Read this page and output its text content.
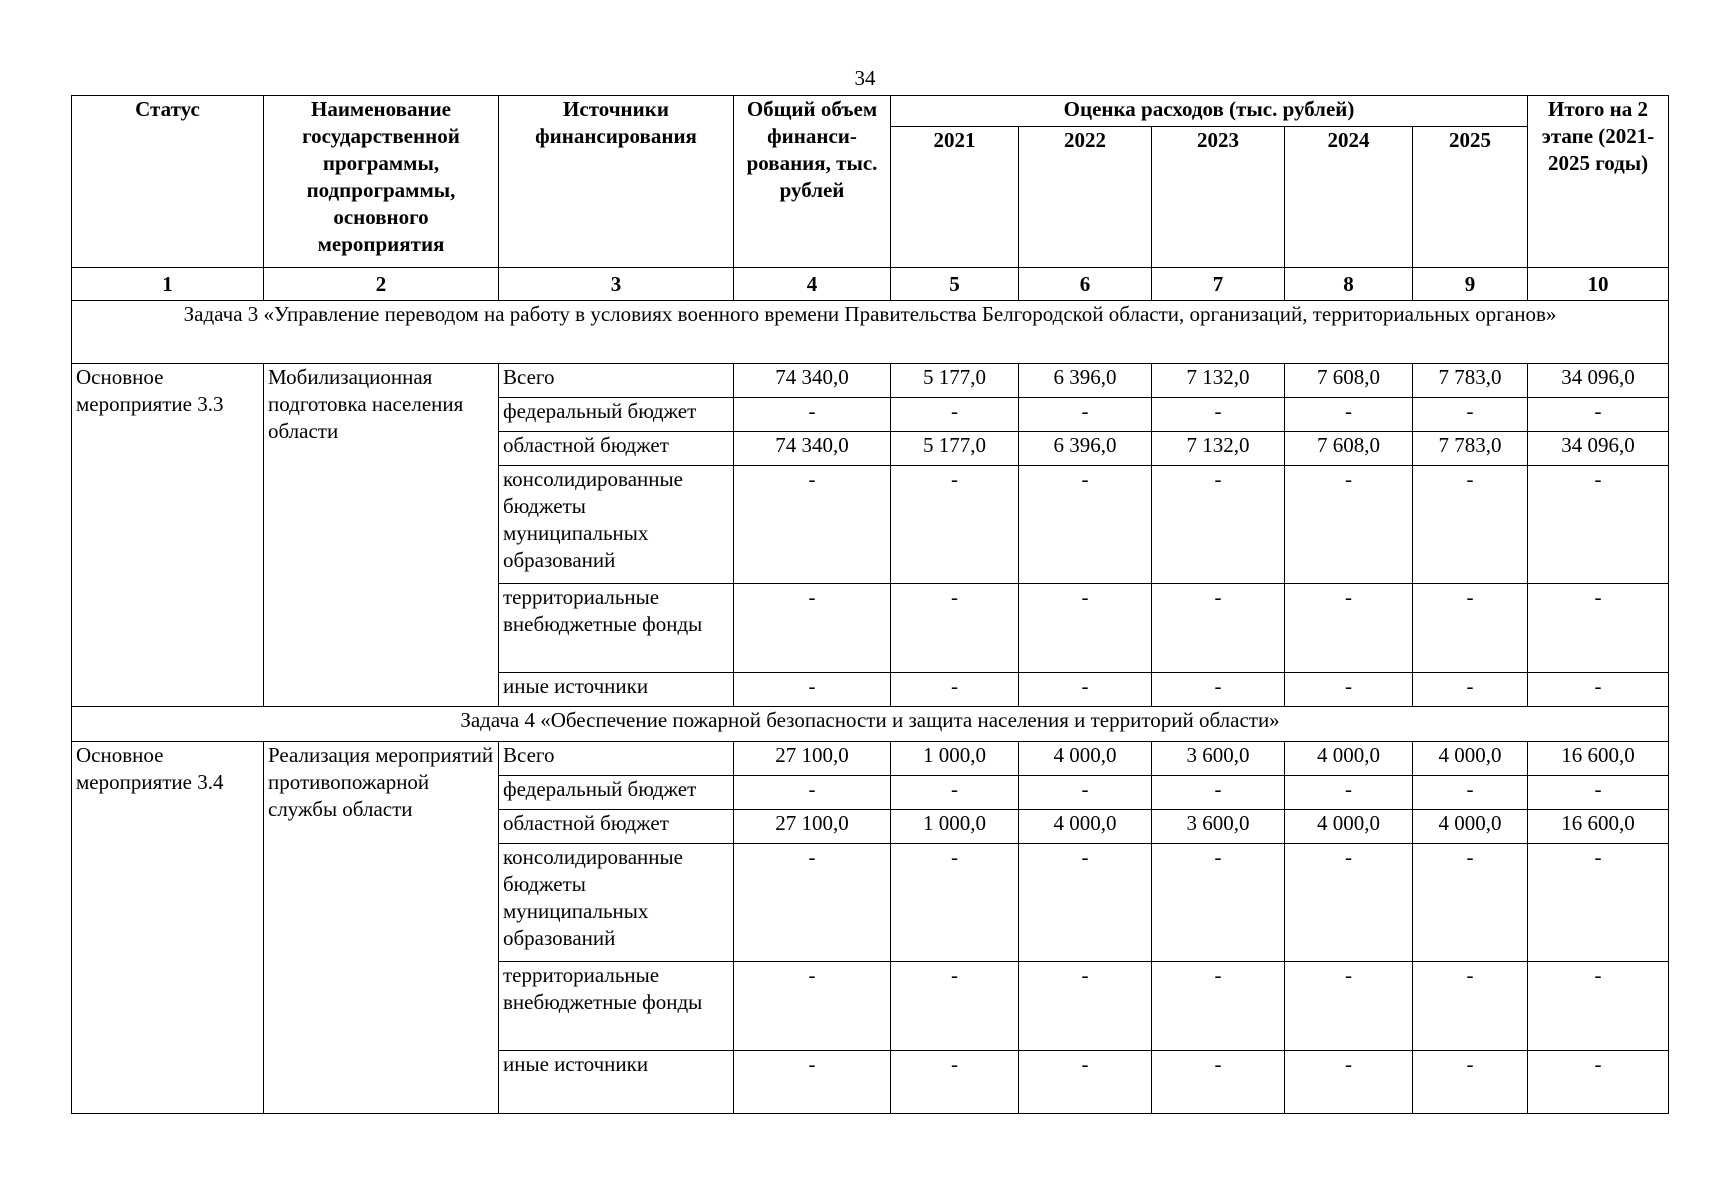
34
Статус	Наименование государственной программы, подпрограммы, основного мероприятия	Источники финансирования	Общий объем финанси-рования, тыс. рублей	Оценка расходов (тыс. рублей)					Итого на 2 этапе (2021-2025 годы)
				2021	2022	2023	2024	2025	
1	2	3	4	5	6	7	8	9	10
Задача 3 «Управление переводом на работу в условиях военного времени Правительства Белгородской области, организаций, территориальных органов»									
Основное мероприятие 3.3	Мобилизационная подготовка населения области	Всего	74 340,0	5 177,0	6 396,0	7 132,0	7 608,0	7 783,0	34 096,0
		федеральный бюджет	-	-	-	-	-	-	-
		областной бюджет	74 340,0	5 177,0	6 396,0	7 132,0	7 608,0	7 783,0	34 096,0
		консолидированные бюджеты муниципальных образований	-	-	-	-	-	-	-
		территориальные внебюджетные фонды	-	-	-	-	-	-	-
		иные источники	-	-	-	-	-	-	-
Задача 4 «Обеспечение пожарной безопасности и защита населения и территорий области»									
Основное мероприятие 3.4	Реализация мероприятий противопожарной службы области	Всего	27 100,0	1 000,0	4 000,0	3 600,0	4 000,0	4 000,0	16 600,0
		федеральный бюджет	-	-	-	-	-	-	-
		областной бюджет	27 100,0	1 000,0	4 000,0	3 600,0	4 000,0	4 000,0	16 600,0
		консолидированные бюджеты муниципальных образований	-	-	-	-	-	-	-
		территориальные внебюджетные фонды	-	-	-	-	-	-	-
		иные источники	-	-	-	-	-	-	-
